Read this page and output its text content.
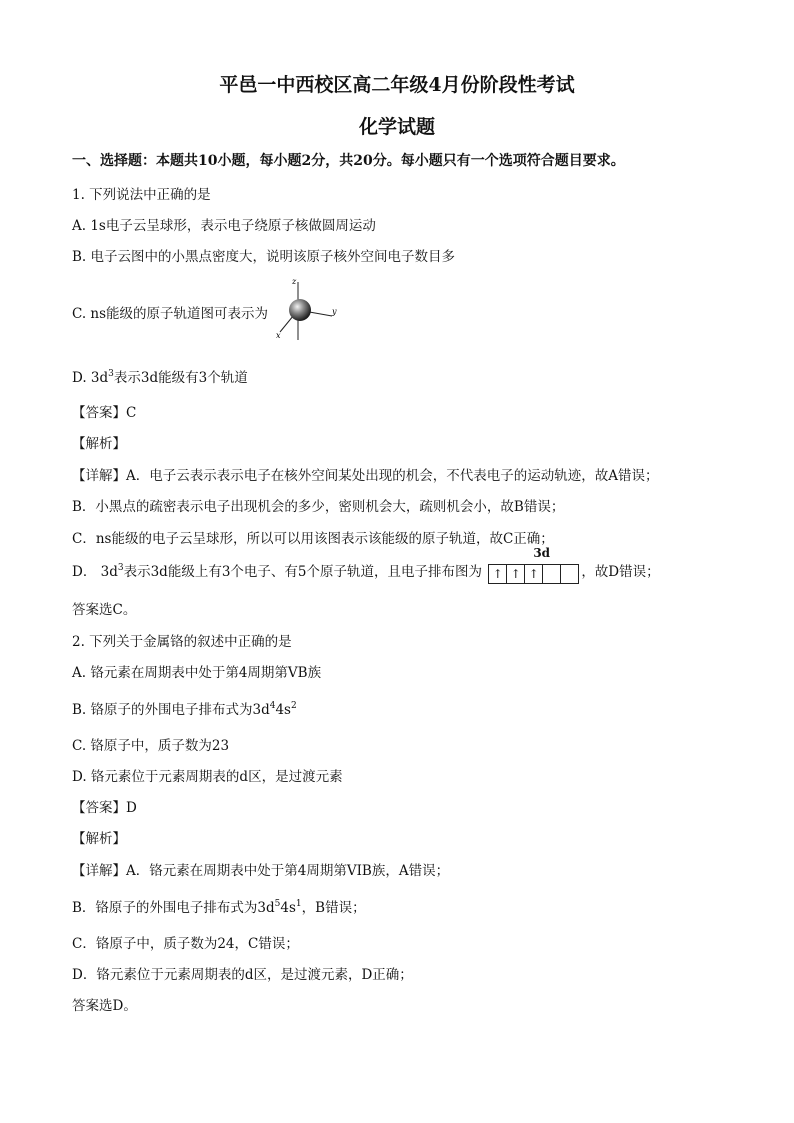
平邑一中西校区高二年级4月份阶段性考试
化学试题
一、选择题：本题共10小题，每小题2分，共20分。每小题只有一个选项符合题目要求。
1. 下列说法中正确的是
A. 1s电子云呈球形，表示电子绕原子核做圆周运动
B. 电子云图中的小黑点密度大，说明该原子核外空间电子数目多
C. ns能级的原子轨道图可表示为
z
y
x
D. $3d^3$表示3d能级有3个轨道
【答案】C
【解析】
【详解】A．电子云表示表示电子在核外空间某处出现的机会，不代表电子的运动轨迹，故A错误；
B．小黑点的疏密表示电子出现机会的多少，密则机会大，疏则机会小，故B错误；
C．ns能级的电子云呈球形，所以可以用该图表示该能级的原子轨道，故C正确；
D． $3d^3$表示3d能级上有3个电子、有5个原子轨道，且电子排布图为
3d
↑ ↑ ↑	，故D错误；
答案选C。
2. 下列关于金属铬的叙述中正确的是
A. 铬元素在周期表中处于第4周期第VB族
B. 铬原子的外围电子排布式为$3d^44s^2$
C. 铬原子中，质子数为23
D. 铬元素位于元素周期表的d区，是过渡元素
【答案】D
【解析】
【详解】A．铬元素在周期表中处于第4周期第VIB族，A错误；
B．铬原子的外围电子排布式为$3d^54s^1$，B错误；
C．铬原子中，质子数为24，C错误；
D．铬元素位于元素周期表的d区，是过渡元素，D正确；
答案选D。
